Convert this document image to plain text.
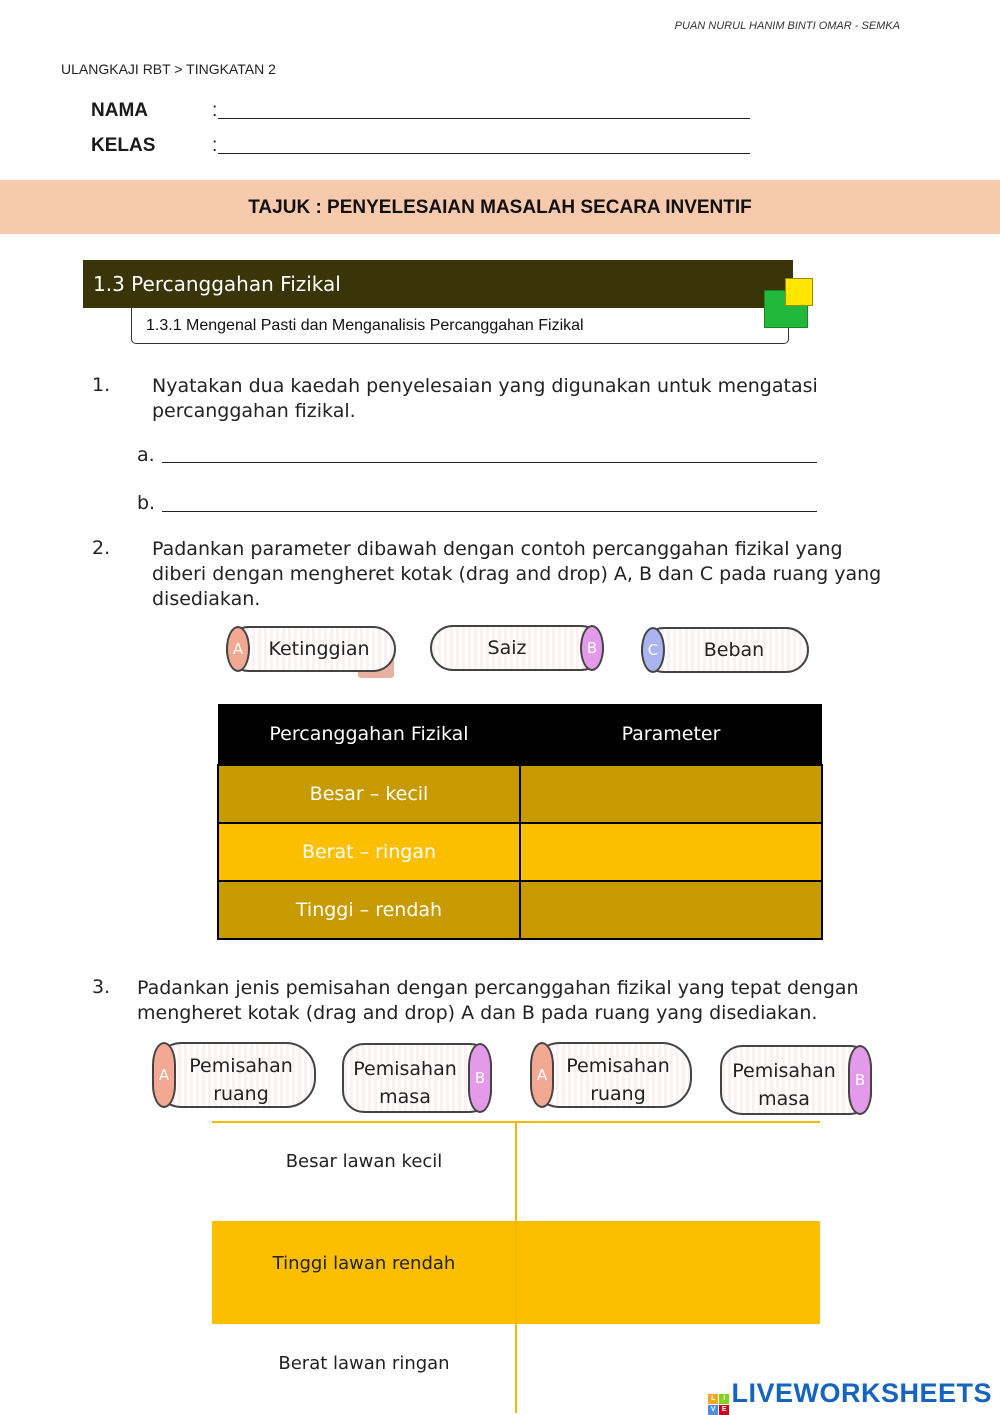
PUAN NURUL HANIM BINTI OMAR - SEMKA
ULANGKAJI RBT > TINGKATAN 2
NAMA	:
KELAS	:
TAJUK : PENYELESAIAN MASALAH SECARA INVENTIF
1.3 Percanggahan Fizikal
1.3.1 Mengenal Pasti dan Menganalisis Percanggahan Fizikal
1. Nyatakan dua kaedah penyelesaian yang digunakan untuk mengatasi percanggahan fizikal.
a.
b.
2. Padankan parameter dibawah dengan contoh percanggahan fizikal yang diberi dengan mengheret kotak (drag and drop) A, B dan C pada ruang yang disediakan.
A	Ketinggian	Saiz	B	C	Beban
Percanggahan Fizikal	Parameter
Besar – kecil	
Berat – ringan	
Tinggi – rendah	
3. Padankan jenis pemisahan dengan percanggahan fizikal yang tepat dengan mengheret kotak (drag and drop) A dan B pada ruang yang disediakan.
A	Pemisahan
ruang
Pemisahan
masa
B	A	Pemisahan
ruang
Pemisahan
masa
B
Besar lawan kecil
Tinggi lawan rendah
Berat lawan ringan
L	I
V E
LIVEWORKSHEETS
